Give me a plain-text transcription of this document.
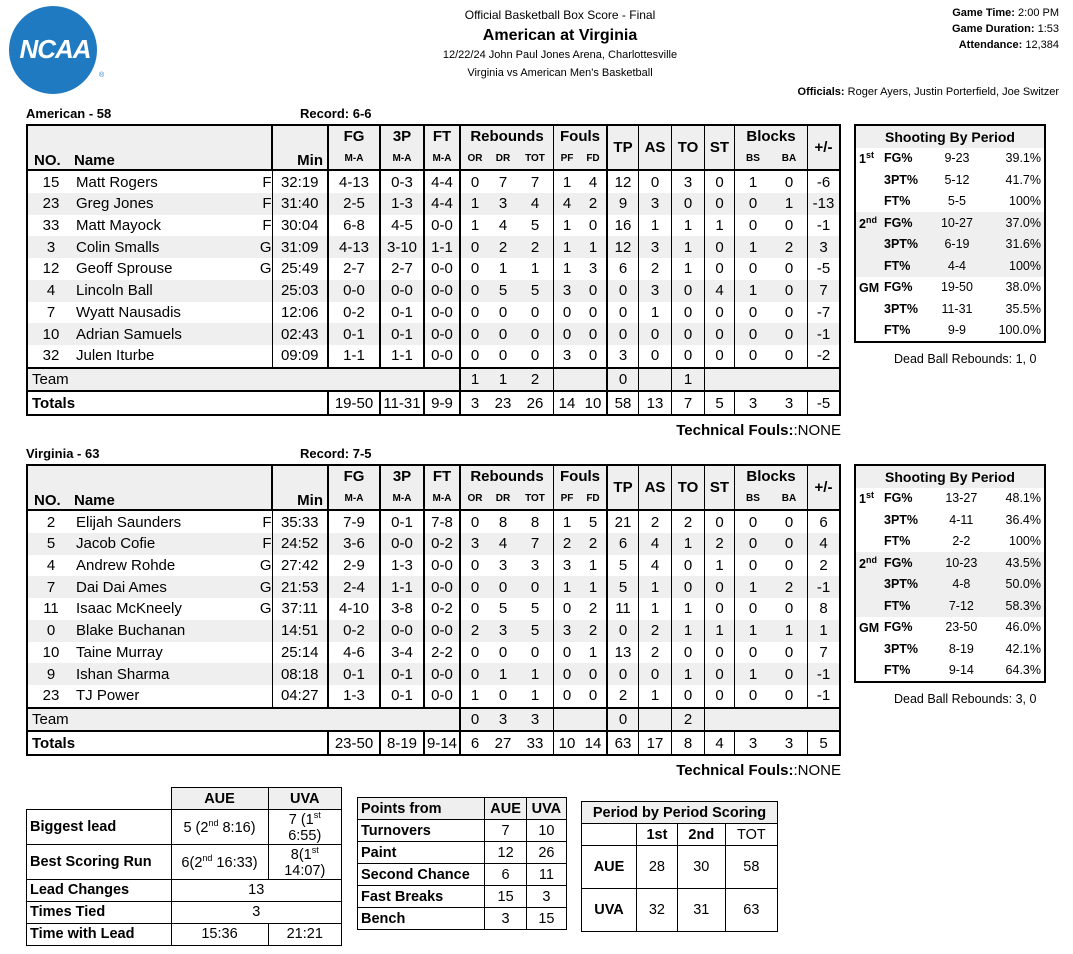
NCAA
®
Official Basketball Box Score - Final
American at Virginia
12/22/24 John Paul Jones Arena, Charlottesville
Virginia vs American Men's Basketball
Game Time: 2:00 PM
Game Duration: 1:53
Attendance: 12,384
Officials: Roger Ayers, Justin Porterfield, Joe Switzer
American - 58	Record: 6-6
NO.	Name		Min	FG	3P	FT	Rebounds			Fouls		TP	AS	TO	ST	Blocks		+/-
				M-A	M-A	M-A	OR	DR	TOT	PF	FD					BS	BA	
15	Matt Rogers	F	32:19	4-13	0-3	4-4	0	7	7	1	4	12	0	3	0	1	0	-6
23	Greg Jones	F	31:40	2-5	1-3	4-4	1	3	4	4	2	9	3	0	0	0	1	-13
33	Matt Mayock	F	30:04	6-8	4-5	0-0	1	4	5	1	0	16	1	1	1	0	0	-1
3	Colin Smalls	G	31:09	4-13	3-10	1-1	0	2	2	1	1	12	3	1	0	1	2	3
12	Geoff Sprouse	G	25:49	2-7	2-7	0-0	0	1	1	1	3	6	2	1	0	0	0	-5
4	Lincoln Ball		25:03	0-0	0-0	0-0	0	5	5	3	0	0	3	0	4	1	0	7
7	Wyatt Nausadis		12:06	0-2	0-1	0-0	0	0	0	0	0	0	1	0	0	0	0	-7
10	Adrian Samuels		02:43	0-1	0-1	0-0	0	0	0	0	0	0	0	0	0	0	0	-1
32	Julen Iturbe		09:09	1-1	1-1	0-0	0	0	0	3	0	3	0	0	0	0	0	-2
Team							1	1	2			0		1				
Totals				19-50	11-31	9-9	3	23	26	14	10	58	13	7	5	3	3	-5
Technical Fouls::NONE
Shooting By Period			
1st	FG%	9-23	39.1%
	3PT%	5-12	41.7%
	FT%	5-5	100%
2nd	FG%	10-27	37.0%
	3PT%	6-19	31.6%
	FT%	4-4	100%
GM	FG%	19-50	38.0%
	3PT%	11-31	35.5%
	FT%	9-9	100.0%
Dead Ball Rebounds: 1, 0
Virginia - 63	Record: 7-5
NO.	Name		Min	FG	3P	FT	Rebounds			Fouls		TP	AS	TO	ST	Blocks		+/-
				M-A	M-A	M-A	OR	DR	TOT	PF	FD					BS	BA	
2	Elijah Saunders	F	35:33	7-9	0-1	7-8	0	8	8	1	5	21	2	2	0	0	0	6
5	Jacob Cofie	F	24:52	3-6	0-0	0-2	3	4	7	2	2	6	4	1	2	0	0	4
4	Andrew Rohde	G	27:42	2-9	1-3	0-0	0	3	3	3	1	5	4	0	1	0	0	2
7	Dai Dai Ames	G	21:53	2-4	1-1	0-0	0	0	0	1	1	5	1	0	0	1	2	-1
11	Isaac McKneely	G	37:11	4-10	3-8	0-2	0	5	5	0	2	11	1	1	0	0	0	8
0	Blake Buchanan		14:51	0-2	0-0	0-0	2	3	5	3	2	0	2	1	1	1	1	1
10	Taine Murray		25:14	4-6	3-4	2-2	0	0	0	0	1	13	2	0	0	0	0	7
9	Ishan Sharma		08:18	0-1	0-1	0-0	0	1	1	0	0	0	0	1	0	1	0	-1
23	TJ Power		04:27	1-3	0-1	0-0	1	0	1	0	0	2	1	0	0	0	0	-1
Team							0	3	3			0		2				
Totals				23-50	8-19	9-14	6	27	33	10	14	63	17	8	4	3	3	5
Technical Fouls::NONE
Shooting By Period			
1st	FG%	13-27	48.1%
	3PT%	4-11	36.4%
	FT%	2-2	100%
2nd	FG%	10-23	43.5%
	3PT%	4-8	50.0%
	FT%	7-12	58.3%
GM	FG%	23-50	46.0%
	3PT%	8-19	42.1%
	FT%	9-14	64.3%
Dead Ball Rebounds: 3, 0
	AUE	UVA
Biggest lead	5 (2nd 8:16)	7 (1st 6:55)
Best Scoring Run	6(2nd 16:33)	8(1st 14:07)
Lead Changes	13	
Times Tied	3	
Time with Lead	15:36	21:21
Points from	AUE	UVA
Turnovers	7	10
Paint	12	26
Second Chance	6	11
Fast Breaks	15	3
Bench	3	15
Period by Period Scoring			
	1st	2nd	TOT
AUE	28	30	58
UVA	32	31	63
